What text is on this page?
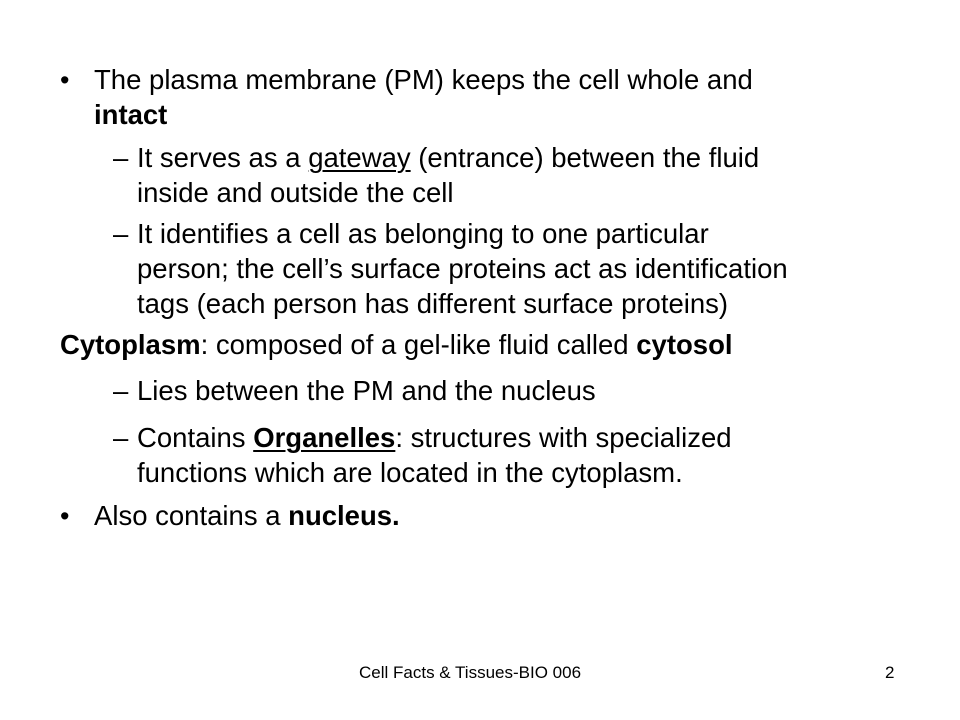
• The plasma membrane (PM) keeps the cell whole and
intact
– It serves as a gateway (entrance) between the fluid
inside and outside the cell
– It identifies a cell as belonging to one particular
person; the cell’s surface proteins act as identification
tags (each person has different surface proteins)
Cytoplasm: composed of a gel-like fluid called cytosol
– Lies between the PM and the nucleus
– Contains Organelles: structures with specialized
functions which are located in the cytoplasm.
• Also contains a nucleus.
Cell Facts & Tissues-BIO 006	2
